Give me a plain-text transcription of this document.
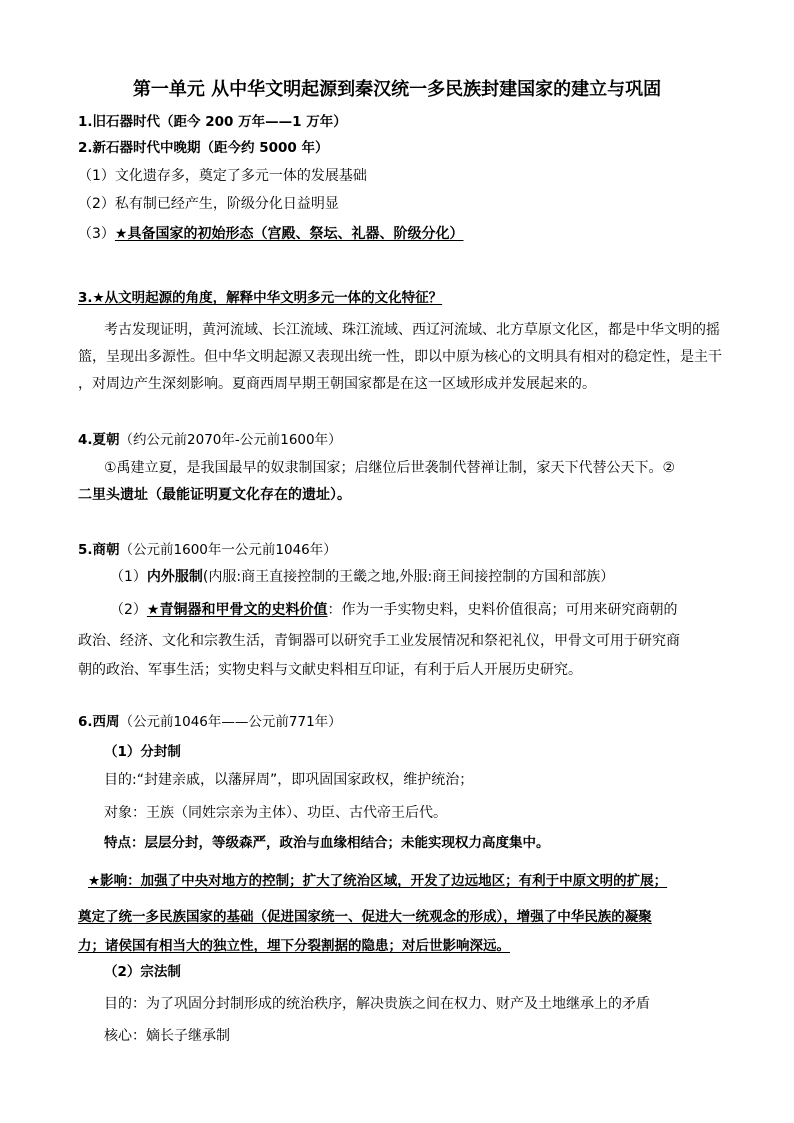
第一单元 从中华文明起源到秦汉统一多民族封建国家的建立与巩固
1.旧石器时代（距今 200 万年——1 万年）
2.新石器时代中晚期（距今约 5000 年）
（1）文化遗存多，奠定了多元一体的发展基础
（2）私有制已经产生，阶级分化日益明显
（3）★具备国家的初始形态（宫殿、祭坛、礼器、阶级分化）
3.★从文明起源的角度，解释中华文明多元一体的文化特征？
考古发现证明，黄河流域、长江流域、珠江流域、西辽河流域、北方草原文化区，都是中华文明的摇
篮，呈现出多源性。但中华文明起源又表现出统一性，即以中原为核心的文明具有相对的稳定性，是主干
，对周边产生深刻影响。夏商西周早期王朝国家都是在这一区域形成并发展起来的。
4.夏朝（约公元前2070年-公元前1600年）
①禹建立夏，是我国最早的奴隶制国家；启继位后世袭制代替禅让制，家天下代替公天下。②
二里头遗址（最能证明夏文化存在的遗址）。
5.商朝（公元前1600年一公元前1046年）
（1）内外服制(内服:商王直接控制的王畿之地,外服:商王间接控制的方国和部族）
（2）★青铜器和甲骨文的史料价值：作为一手实物史料，史料价值很高；可用来研究商朝的
政治、经济、文化和宗教生活，青铜器可以研究手工业发展情况和祭祀礼仪，甲骨文可用于研究商
朝的政治、军事生活；实物史料与文献史料相互印证，有利于后人开展历史研究。
6.西周（公元前1046年——公元前771年）
（1）分封制
目的:“封建亲戚，以藩屏周”，即巩固国家政权，维护统治；
对象：王族（同姓宗亲为主体）、功臣、古代帝王后代。
特点：层层分封，等级森严，政治与血缘相结合；未能实现权力高度集中。
★影响：加强了中央对地方的控制；扩大了统治区域，开发了边远地区；有利于中原文明的扩展；
奠定了统一多民族国家的基础（促进国家统一、促进大一统观念的形成），增强了中华民族的凝聚
力；诸侯国有相当大的独立性，埋下分裂割据的隐患；对后世影响深远。
（2）宗法制
目的：为了巩固分封制形成的统治秩序，解决贵族之间在权力、财产及土地继承上的矛盾
核心：嫡长子继承制
